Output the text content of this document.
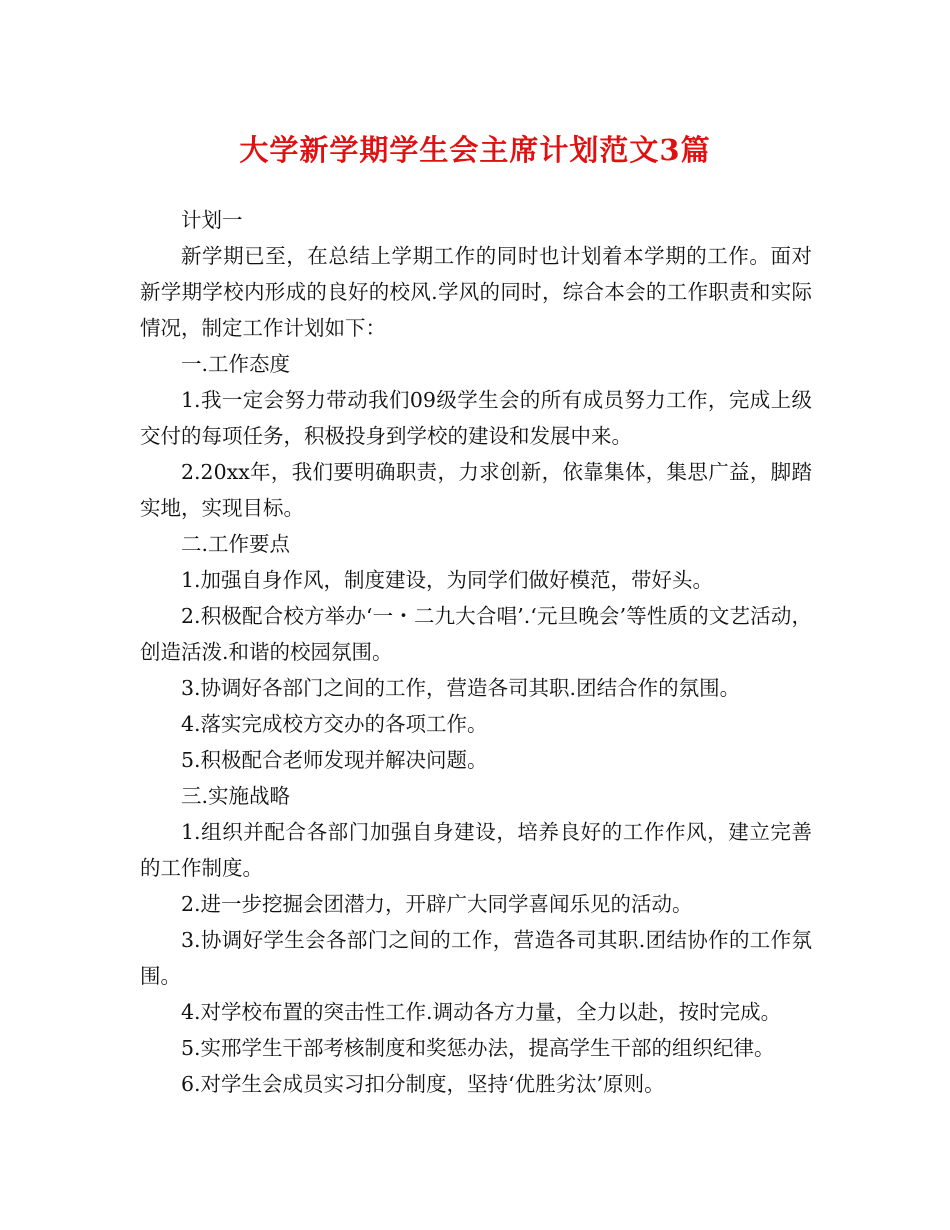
大学新学期学生会主席计划范文3篇

计划一

新学期已至，在总结上学期工作的同时也计划着本学期的工作。面对新学期学校内形成的良好的校风.学风的同时，综合本会的工作职责和实际情况，制定工作计划如下：

一.工作态度

1.我一定会努力带动我们09级学生会的所有成员努力工作，完成上级交付的每项任务，积极投身到学校的建设和发展中来。

2.20xx年，我们要明确职责，力求创新，依靠集体，集思广益，脚踏实地，实现目标。

二.工作要点

1.加强自身作风，制度建设，为同学们做好模范，带好头。

2.积极配合校方举办‘一・二九大合唱’.‘元旦晚会’等性质的文艺活动，创造活泼.和谐的校园氛围。

3.协调好各部门之间的工作，营造各司其职.团结合作的氛围。

4.落实完成校方交办的各项工作。

5.积极配合老师发现并解决问题。

三.实施战略

1.组织并配合各部门加强自身建设，培养良好的工作作风，建立完善的工作制度。

2.进一步挖掘会团潜力，开辟广大同学喜闻乐见的活动。

3.协调好学生会各部门之间的工作，营造各司其职.团结协作的工作氛围。

4.对学校布置的突击性工作.调动各方力量，全力以赴，按时完成。

5.实邢学生干部考核制度和奖惩办法，提高学生干部的组织纪律。

6.对学生会成员实习扣分制度，坚持‘优胜劣汰’原则。
